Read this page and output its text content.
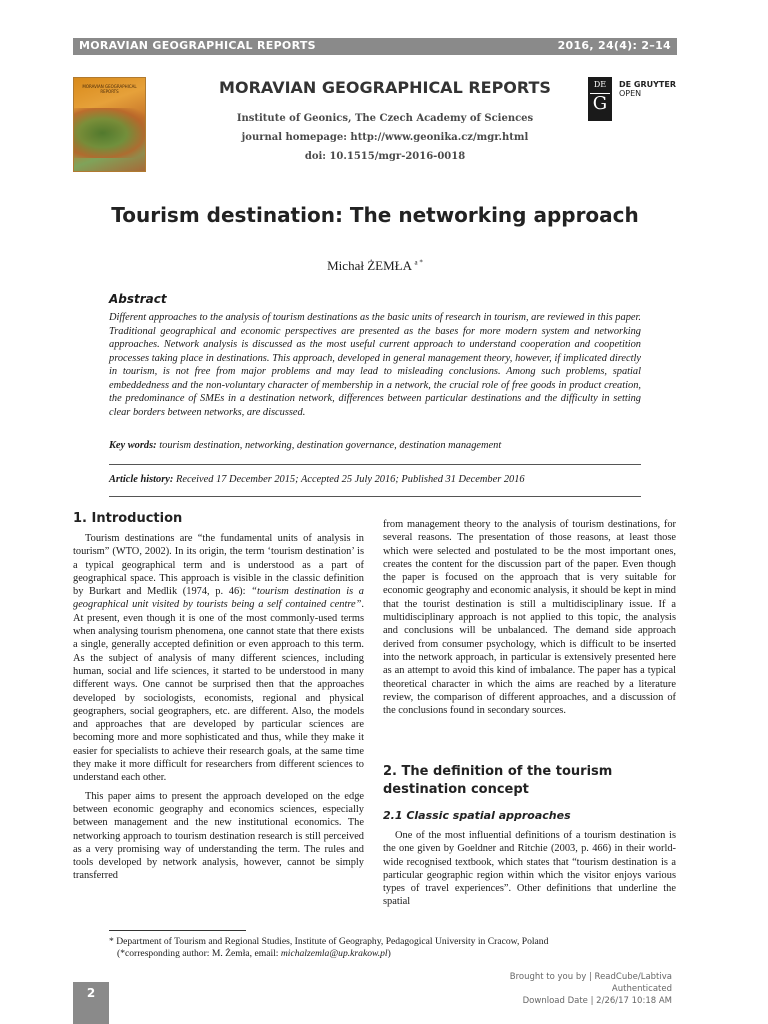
MORAVIAN GEOGRAPHICAL REPORTS	2016, 24(4): 2–14
MORAVIAN GEOGRAPHICAL REPORTS	MORAVIAN GEOGRAPHICAL REPORTS
Institute of Geonics, The Czech Academy of Sciences
journal homepage: http://www.geonika.cz/mgr.html
doi: 10.1515/mgr-2016-0018
DE
G
DE GRUYTER
OPEN
Tourism destination: The networking approach
Michał ŻEMŁA $^{a *}$
Abstract
Different approaches to the analysis of tourism destinations as the basic units of research in tourism, are reviewed in this paper. Traditional geographical and economic perspectives are presented as the bases for more modern system and networking approaches. Network analysis is discussed as the most useful current approach to understand cooperation and coopetition processes taking place in destinations. This approach, developed in general management theory, however, if implicated directly in tourism, is not free from major problems and may lead to misleading conclusions. Among such problems, spatial embeddedness and the non-voluntary character of membership in a network, the crucial role of free goods in product creation, the predominance of SMEs in a destination network, differences between particular destinations and the difficulty in setting clear borders between networks, are discussed.
Key words: tourism destination, networking, destination governance, destination management
Article history: Received 17 December 2015; Accepted 25 July 2016; Published 31 December 2016
1. Introduction

Tourism destinations are “the fundamental units of analysis in tourism” (WTO, 2002). In its origin, the term ‘tourism destination’ is a typical geographical term and is understood as a part of geographical space. This approach is visible in the classic definition by Burkart and Medlik (1974, p. 46): “tourism destination is a geographical unit visited by tourists being a self contained centre”. At present, even though it is one of the most commonly-used terms when analysing tourism phenomena, one cannot state that there exists a single, generally accepted definition or even approach to this term. As the subject of analysis of many different sciences, including human, social and life sciences, it started to be understood in many different ways. One cannot be surprised then that the approaches developed by sociologists, economists, regional and physical geographers, social geographers, etc. are different. Also, the models and approaches that are developed by particular sciences are becoming more and more sophisticated and thus, while they make it easier for specialists to achieve their research goals, at the same time they make it more difficult for researchers from different sciences to understand each other.

This paper aims to present the approach developed on the edge between economic geography and economics sciences, especially between management and the new institutional economics. The networking approach to tourism destination research is still perceived as a very promising way of understanding the term. The rules and tools developed by network analysis, however, cannot be simply transferred

from management theory to the analysis of tourism destinations, for several reasons. The presentation of those reasons, at least those which were selected and postulated to be the most important ones, creates the content for the discussion part of the paper. Even though the paper is focused on the approach that is very suitable for economic geography and economic analysis, it should be kept in mind that the tourist destination is still a multidisciplinary issue. If a multidisciplinary approach is not applied to this topic, the analysis and conclusions will be unbalanced. The demand side approach derived from consumer psychology, which is difficult to be inserted into the network approach, in particular is extensively presented here as an attempt to avoid this kind of imbalance. The paper has a typical theoretical character in which the aims are reached by a literature review, the comparison of different approaches, and a discussion of the conclusions found in secondary sources.

2. The definition of the tourism destination concept
2.1 Classic spatial approaches

One of the most influential definitions of a tourism destination is the one given by Goeldner and Ritchie (2003, p. 466) in their world-wide recognised textbook, which states that “tourism destination is a particular geographic region within which the visitor enjoys various types of travel experiences”. Other definitions that underline the spatial

* Department of Tourism and Regional Studies, Institute of Geography, Pedagogical University in Cracow, Poland
(*corresponding author: M. Żemła, email: michalzemla@up.krakow.pl)
2
Brought to you by | ReadCube/Labtiva
Authenticated
Download Date | 2/26/17 10:18 AM
